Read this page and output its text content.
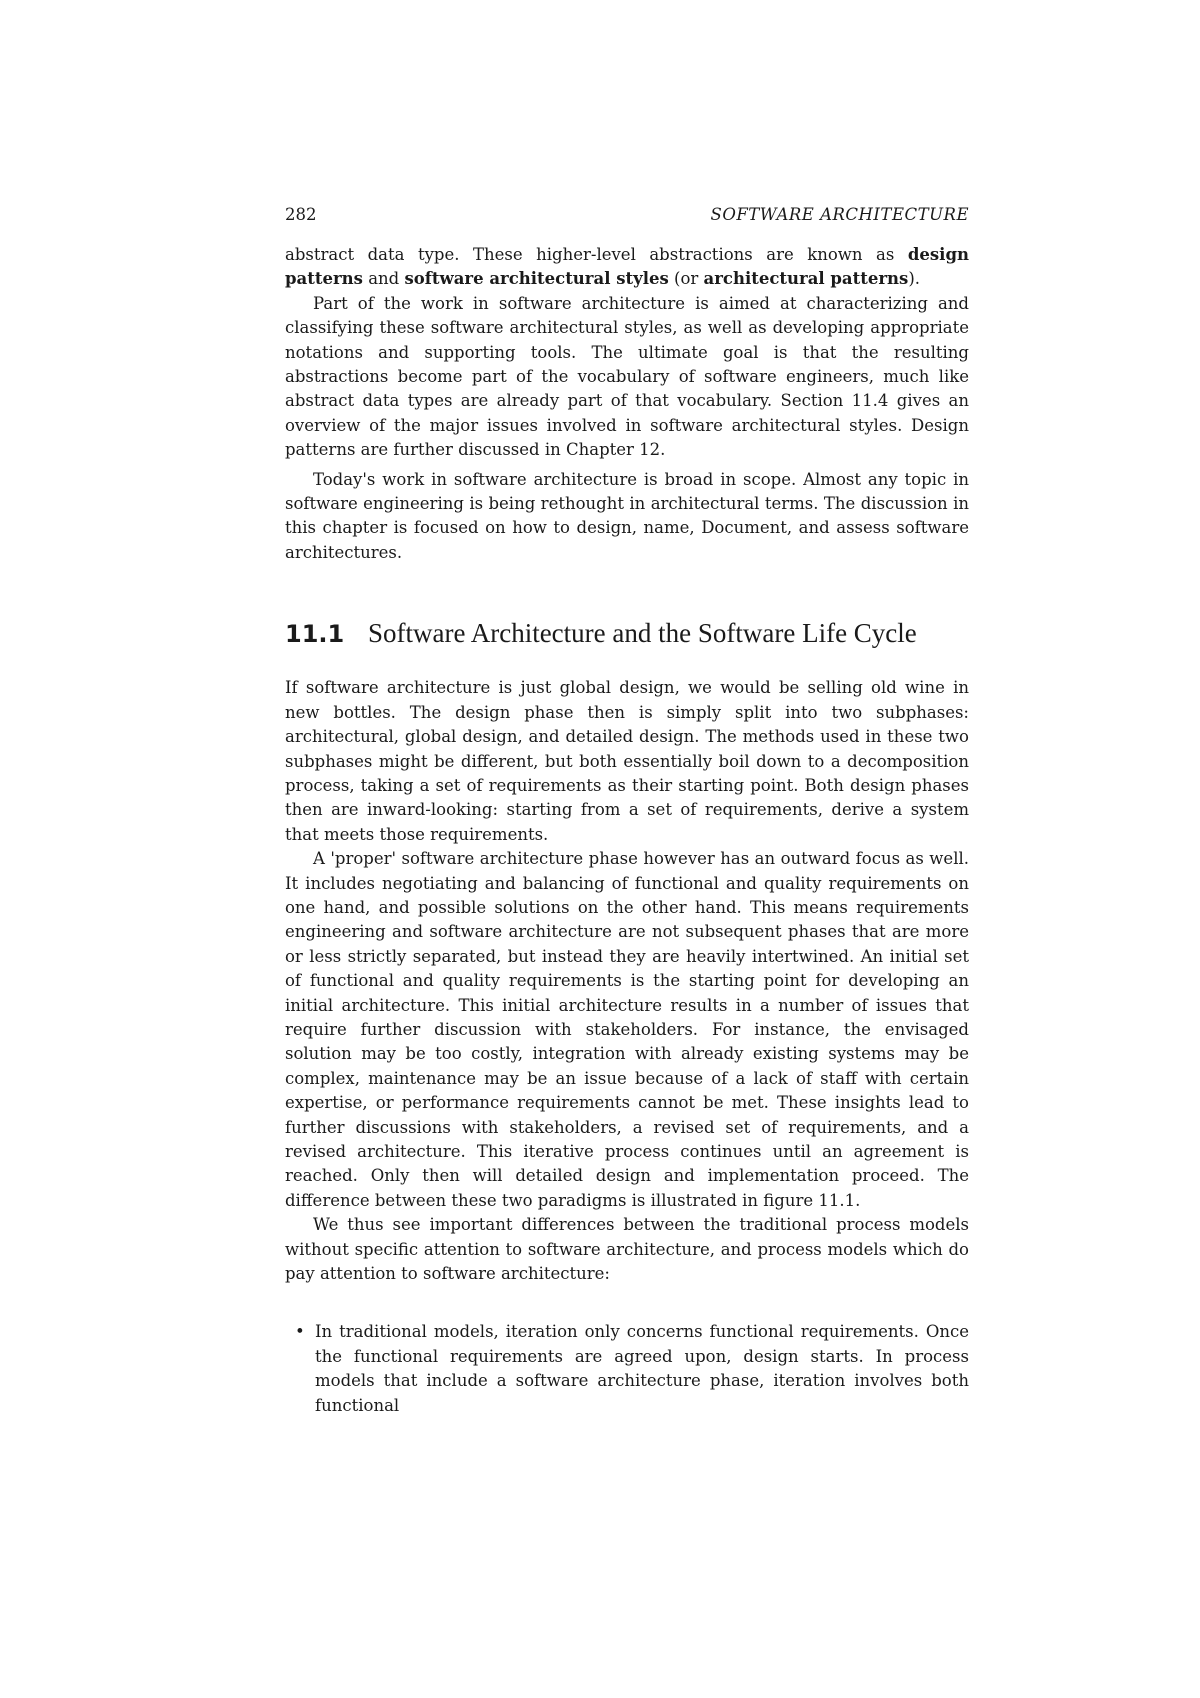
282	SOFTWARE ARCHITECTURE

abstract data type. These higher-level abstractions are known as design patterns and software architectural styles (or architectural patterns).

Part of the work in software architecture is aimed at characterizing and classifying these software architectural styles, as well as developing appropriate notations and supporting tools. The ultimate goal is that the resulting abstractions become part of the vocabulary of software engineers, much like abstract data types are already part of that vocabulary. Section 11.4 gives an overview of the major issues involved in software architectural styles. Design patterns are further discussed in Chapter 12.

Today's work in software architecture is broad in scope. Almost any topic in software engineering is being rethought in architectural terms. The discussion in this chapter is focused on how to design, name, Document, and assess software architectures.

11.1 Software Architecture and the Software Life Cycle

If software architecture is just global design, we would be selling old wine in new bottles. The design phase then is simply split into two subphases: architectural, global design, and detailed design. The methods used in these two subphases might be different, but both essentially boil down to a decomposition process, taking a set of requirements as their starting point. Both design phases then are inward-looking: starting from a set of requirements, derive a system that meets those requirements.

A 'proper' software architecture phase however has an outward focus as well. It includes negotiating and balancing of functional and quality requirements on one hand, and possible solutions on the other hand. This means requirements engineering and software architecture are not subsequent phases that are more or less strictly separated, but instead they are heavily intertwined. An initial set of functional and quality requirements is the starting point for developing an initial architecture. This initial architecture results in a number of issues that require further discussion with stakeholders. For instance, the envisaged solution may be too costly, integration with already existing systems may be complex, maintenance may be an issue because of a lack of staff with certain expertise, or performance requirements cannot be met. These insights lead to further discussions with stakeholders, a revised set of requirements, and a revised architecture. This iterative process continues until an agreement is reached. Only then will detailed design and implementation proceed. The difference between these two paradigms is illustrated in figure 11.1.

We thus see important differences between the traditional process models without specific attention to software architecture, and process models which do pay attention to software architecture:

• In traditional models, iteration only concerns functional requirements. Once the functional requirements are agreed upon, design starts. In process models that include a software architecture phase, iteration involves both functional
